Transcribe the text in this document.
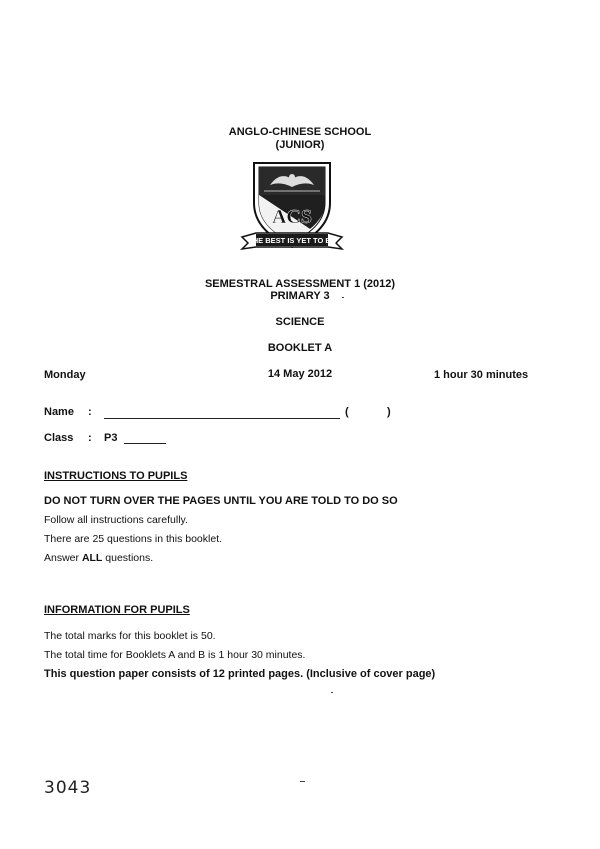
ANGLO-CHINESE SCHOOL
(JUNIOR)
ACS
THE BEST IS YET TO BE
SEMESTRAL ASSESSMENT 1 (2012)
PRIMARY 3
SCIENCE
BOOKLET A
Monday	14 May 2012	1 hour 30 minutes
Name :	(	)
Class : P3
INSTRUCTIONS TO PUPILS
DO NOT TURN OVER THE PAGES UNTIL YOU ARE TOLD TO DO SO
Follow all instructions carefully.
There are 25 questions in this booklet.
Answer ALL questions.
INFORMATION FOR PUPILS
The total marks for this booklet is 50.
The total time for Booklets A and B is 1 hour 30 minutes.
This question paper consists of 12 printed pages. (Inclusive of cover page)
3043
